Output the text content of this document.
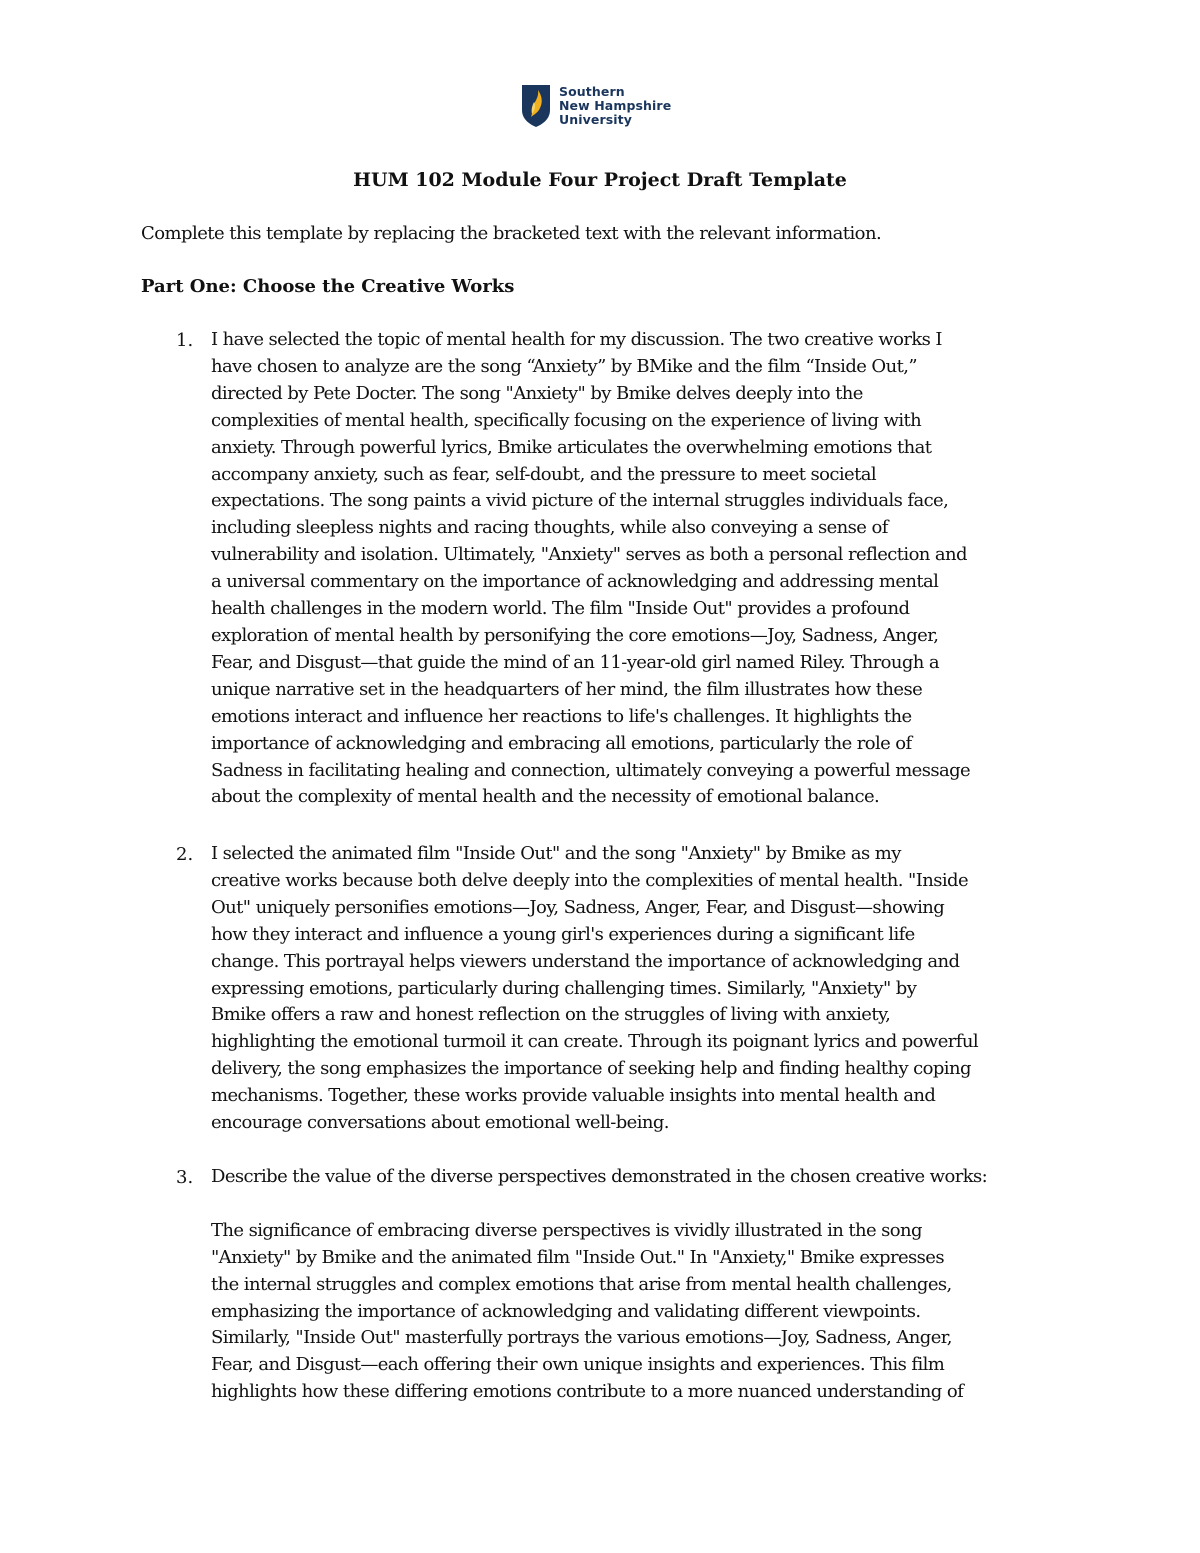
Southern
New Hampshire
University
HUM 102 Module Four Project Draft Template

Complete this template by replacing the bracketed text with the relevant information.

Part One: Choose the Creative Works
1. I have selected the topic of mental health for my discussion. The two creative works I
have chosen to analyze are the song “Anxiety” by BMike and the film “Inside Out,”
directed by Pete Docter. The song "Anxiety" by Bmike delves deeply into the
complexities of mental health, specifically focusing on the experience of living with
anxiety. Through powerful lyrics, Bmike articulates the overwhelming emotions that
accompany anxiety, such as fear, self-doubt, and the pressure to meet societal
expectations. The song paints a vivid picture of the internal struggles individuals face,
including sleepless nights and racing thoughts, while also conveying a sense of
vulnerability and isolation. Ultimately, "Anxiety" serves as both a personal reflection and
a universal commentary on the importance of acknowledging and addressing mental
health challenges in the modern world. The film "Inside Out" provides a profound
exploration of mental health by personifying the core emotions—Joy, Sadness, Anger,
Fear, and Disgust—that guide the mind of an 11-year-old girl named Riley. Through a
unique narrative set in the headquarters of her mind, the film illustrates how these
emotions interact and influence her reactions to life's challenges. It highlights the
importance of acknowledging and embracing all emotions, particularly the role of
Sadness in facilitating healing and connection, ultimately conveying a powerful message
about the complexity of mental health and the necessity of emotional balance.
2. I selected the animated film "Inside Out" and the song "Anxiety" by Bmike as my
creative works because both delve deeply into the complexities of mental health. "Inside
Out" uniquely personifies emotions—Joy, Sadness, Anger, Fear, and Disgust—showing
how they interact and influence a young girl's experiences during a significant life
change. This portrayal helps viewers understand the importance of acknowledging and
expressing emotions, particularly during challenging times. Similarly, "Anxiety" by
Bmike offers a raw and honest reflection on the struggles of living with anxiety,
highlighting the emotional turmoil it can create. Through its poignant lyrics and powerful
delivery, the song emphasizes the importance of seeking help and finding healthy coping
mechanisms. Together, these works provide valuable insights into mental health and
encourage conversations about emotional well-being.
3. Describe the value of the diverse perspectives demonstrated in the chosen creative works:
The significance of embracing diverse perspectives is vividly illustrated in the song
"Anxiety" by Bmike and the animated film "Inside Out." In "Anxiety," Bmike expresses
the internal struggles and complex emotions that arise from mental health challenges,
emphasizing the importance of acknowledging and validating different viewpoints.
Similarly, "Inside Out" masterfully portrays the various emotions—Joy, Sadness, Anger,
Fear, and Disgust—each offering their own unique insights and experiences. This film
highlights how these differing emotions contribute to a more nuanced understanding of
